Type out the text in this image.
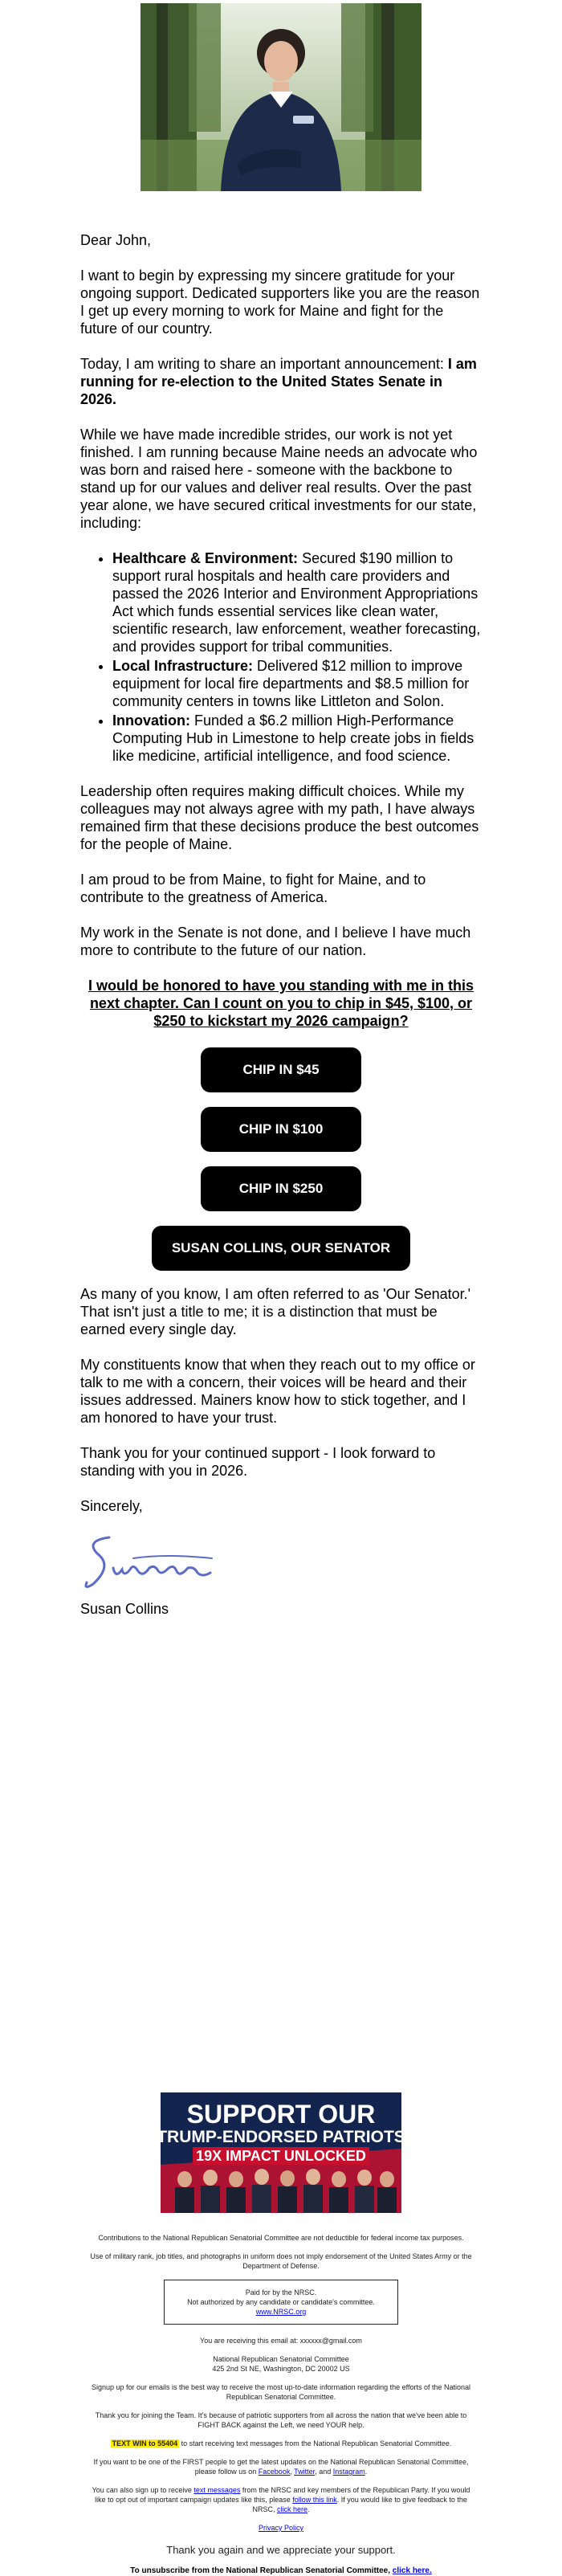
Dear John,

I want to begin by expressing my sincere gratitude for your ongoing support. Dedicated supporters like you are the reason I get up every morning to work for Maine and fight for the future of our country.

Today, I am writing to share an important announcement: I am running for re-election to the United States Senate in 2026.

While we have made incredible strides, our work is not yet finished. I am running because Maine needs an advocate who was born and raised here - someone with the backbone to stand up for our values and deliver real results. Over the past year alone, we have secured critical investments for our state, including:

• Healthcare & Environment: Secured $190 million to support rural hospitals and health care providers and passed the 2026 Interior and Environment Appropriations Act which funds essential services like clean water, scientific research, law enforcement, weather forecasting, and provides support for tribal communities.
• Local Infrastructure: Delivered $12 million to improve equipment for local fire departments and $8.5 million for community centers in towns like Littleton and Solon.
• Innovation: Funded a $6.2 million High-Performance Computing Hub in Limestone to help create jobs in fields like medicine, artificial intelligence, and food science.

Leadership often requires making difficult choices. While my colleagues may not always agree with my path, I have always remained firm that these decisions produce the best outcomes for the people of Maine.

I am proud to be from Maine, to fight for Maine, and to contribute to the greatness of America.

My work in the Senate is not done, and I believe I have much more to contribute to the future of our nation.

I would be honored to have you standing with me in this next chapter. Can I count on you to chip in $45, $100, or $250 to kickstart my 2026 campaign?

CHIP IN $45
CHIP IN $100
CHIP IN $250
SUSAN COLLINS, OUR SENATOR

As many of you know, I am often referred to as 'Our Senator.' That isn't just a title to me; it is a distinction that must be earned every single day.

My constituents know that when they reach out to my office or talk to me with a concern, their voices will be heard and their issues addressed. Mainers know how to stick together, and I am honored to have your trust.

Thank you for your continued support - I look forward to standing with you in 2026.

Sincerely,

Susan Collins

SUPPORT OUR
TRUMP-ENDORSED PATRIOTS
19X IMPACT UNLOCKED

Contributions to the National Republican Senatorial Committee are not deductible for federal income tax purposes.

Use of military rank, job titles, and photographs in uniform does not imply endorsement of the United States Army or the Department of Defense.

Paid for by the NRSC.
Not authorized by any candidate or candidate's committee.
www.NRSC.org

You are receiving this email at: xxxxxx@gmail.com

National Republican Senatorial Committee
425 2nd St NE, Washington, DC 20002 US

Signup up for our emails is the best way to receive the most up-to-date information regarding the efforts of the National Republican Senatorial Committee.

Thank you for joining the Team. It's because of patriotic supporters from all across the nation that we've been able to FIGHT BACK against the Left, we need YOUR help.

TEXT WIN to 55404 to start receiving text messages from the National Republican Senatorial Committee.

If you want to be one of the FIRST people to get the latest updates on the National Republican Senatorial Committee, please follow us on Facebook, Twitter, and Instagram.

You can also sign up to receive text messages from the NRSC and key members of the Republican Party. If you would like to opt out of important campaign updates like this, please follow this link. If you would like to give feedback to the NRSC, click here.

Privacy Policy

Thank you again and we appreciate your support.
To unsubscribe from the National Republican Senatorial Committee, click here.
